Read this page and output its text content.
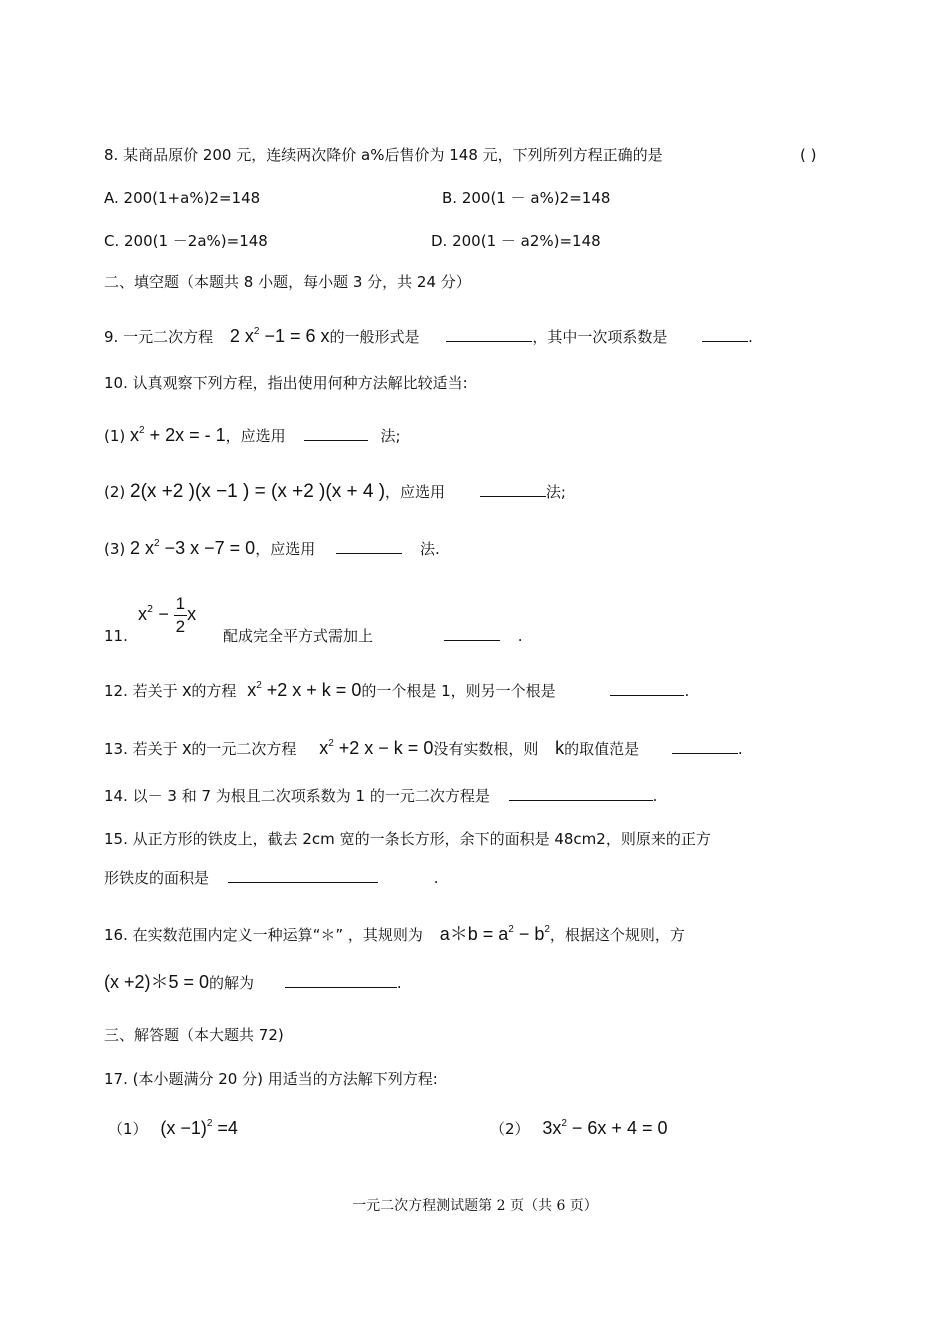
8. 某商品原价 200 元，连续两次降价 a%后售价为 148 元，下列所列方程正确的是	( )
A. 200(1+a%)2=148	B. 200(1 － a%)2=148
C. 200(1 －2a%)=148	D. 200(1 － a2%)=148
二、填空题（本题共 8 小题，每小题 3 分，共 24 分）
9. 一元二次方程 2 $x^2 -1 = 6$ x的一般形式是	，其中一次项系数是	.
10. 认真观察下列方程，指出使用何种方法解比较适当:
(1) $x^2 + 2x$ = - 1，应选用	法;
(2) 2(x +2 )(x −1 ) = (x +2 )(x + 4 )，应选用	法;
(3) 2 $x^2 -3$ x −7 = 0，应选用	法.
$x^2 - \frac{1}{2}$ x
11.	配成完全平方式需加上	.
12. 若关于 x的方程 $x^2 +2$ x + k = 0的一个根是 1，则另一个根是	.
13. 若关于 x的一元二次方程 $x^2 +2$ x − k = 0没有实数根，则 k的取值范是	.
14. 以－ 3 和 7 为根且二次项系数为 1 的一元二次方程是	.
15. 从正方形的铁皮上，截去 2cm 宽的一条长方形，余下的面积是 48cm2，则原来的正方
形铁皮的面积是	.
16. 在实数范围内定义一种运算“＊” ，其规则为 a＊b = $a^2 - b^2$，根据这个规则，方
(x +2)＊5 = 0的解为	.
三、解答题（本大题共 72)
17. (本小题满分 20 分) 用适当的方法解下列方程:
（1） $(x -1)^2 =4$	（2） $3x^2 - 6x + 4 = 0$
一元二次方程测试题第 2 页（共 6 页）
